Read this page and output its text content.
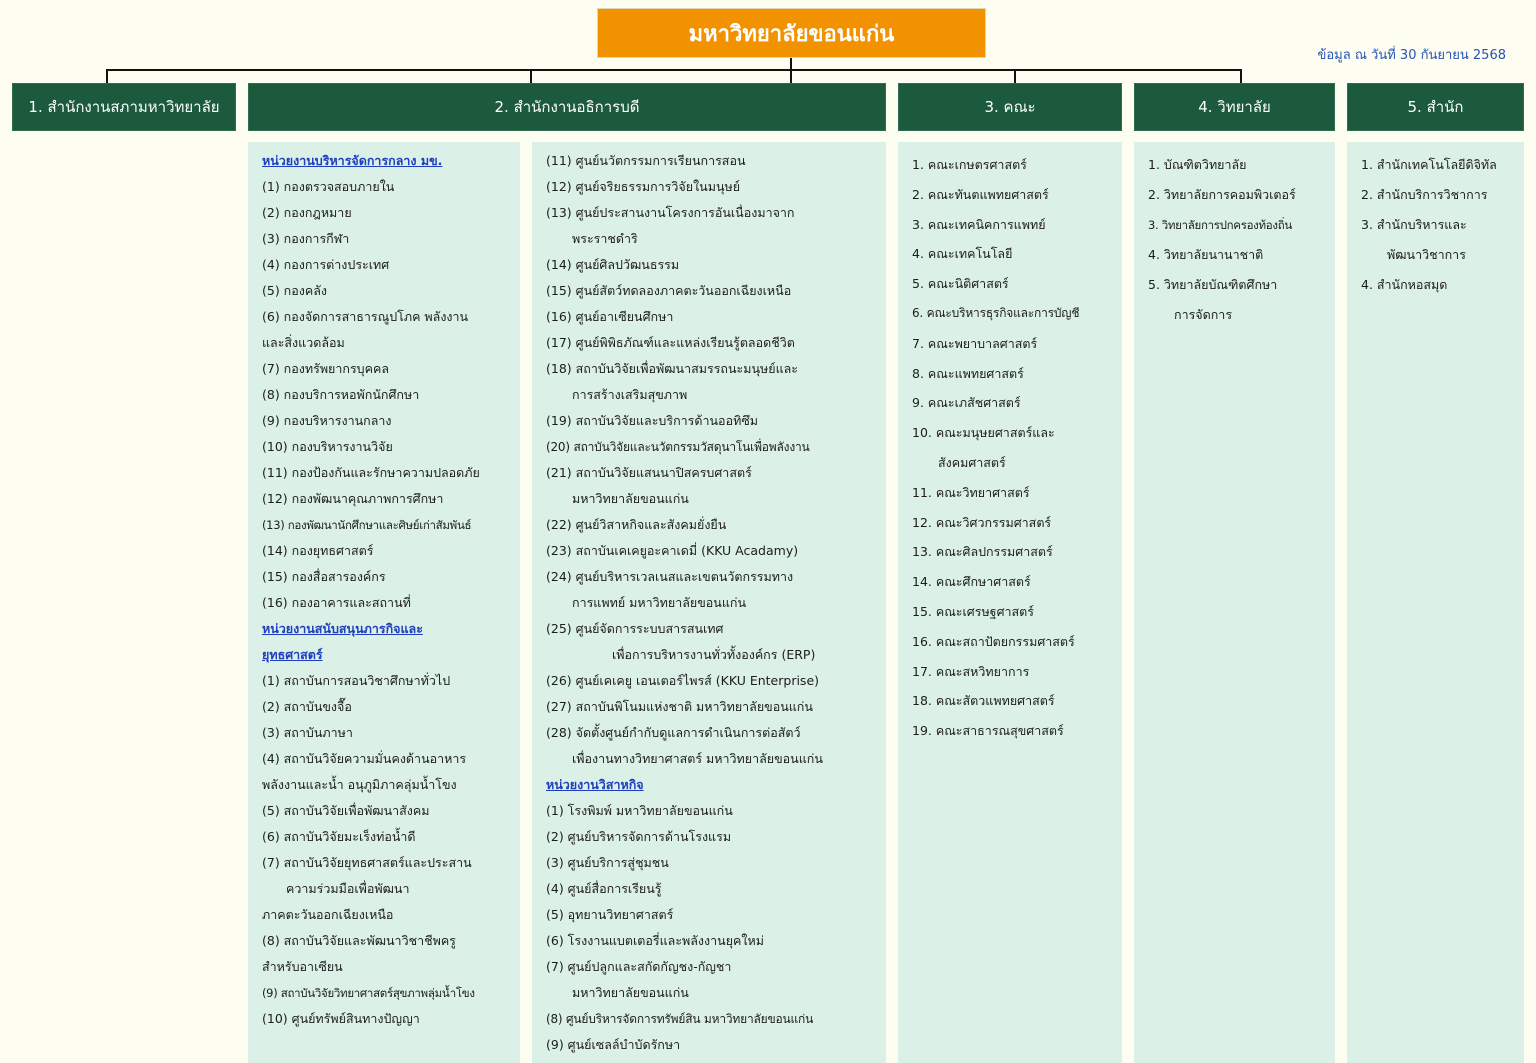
มหาวิทยาลัยขอนแก่น
ข้อมูล ณ วันที่ 30 กันยายน 2568
1. สำนักงานสภามหาวิทยาลัย	2. สำนักงานอธิการบดี	3. คณะ	4. วิทยาลัย	5. สำนัก
หน่วยงานบริหารจัดการกลาง มข.
(1) กองตรวจสอบภายใน
(2) กองกฎหมาย
(3) กองการกีฬา
(4) กองการต่างประเทศ
(5) กองคลัง
(6) กองจัดการสาธารณูปโภค พลังงาน
และสิ่งแวดล้อม
(7) กองทรัพยากรบุคคล
(8) กองบริการหอพักนักศึกษา
(9) กองบริหารงานกลาง
(10) กองบริหารงานวิจัย
(11) กองป้องกันและรักษาความปลอดภัย
(12) กองพัฒนาคุณภาพการศึกษา
(13) กองพัฒนานักศึกษาและศิษย์เก่าสัมพันธ์
(14) กองยุทธศาสตร์
(15) กองสื่อสารองค์กร
(16) กองอาคารและสถานที่
หน่วยงานสนับสนุนภารกิจและ
ยุทธศาสตร์
(1) สถาบันการสอนวิชาศึกษาทั่วไป
(2) สถาบันขงจื๊อ
(3) สถาบันภาษา
(4) สถาบันวิจัยความมั่นคงด้านอาหาร
พลังงานและน้ำ อนุภูมิภาคลุ่มน้ำโขง
(5) สถาบันวิจัยเพื่อพัฒนาสังคม
(6) สถาบันวิจัยมะเร็งท่อน้ำดี
(7) สถาบันวิจัยยุทธศาสตร์และประสาน
ความร่วมมือเพื่อพัฒนา
ภาคตะวันออกเฉียงเหนือ
(8) สถาบันวิจัยและพัฒนาวิชาชีพครู
สำหรับอาเซียน
(9) สถาบันวิจัยวิทยาศาสตร์สุขภาพลุ่มน้ำโขง
(10) ศูนย์ทรัพย์สินทางปัญญา
(11) ศูนย์นวัตกรรมการเรียนการสอน
(12) ศูนย์จริยธรรมการวิจัยในมนุษย์
(13) ศูนย์ประสานงานโครงการอันเนื่องมาจาก
พระราชดำริ
(14) ศูนย์ศิลปวัฒนธรรม
(15) ศูนย์สัตว์ทดลองภาคตะวันออกเฉียงเหนือ
(16) ศูนย์อาเซียนศึกษา
(17) ศูนย์พิพิธภัณฑ์และแหล่งเรียนรู้ตลอดชีวิต
(18) สถาบันวิจัยเพื่อพัฒนาสมรรถนะมนุษย์และ
การสร้างเสริมสุขภาพ
(19) สถาบันวิจัยและบริการด้านออทิซึม
(20) สถาบันวิจัยและนวัตกรรมวัสดุนาโนเพื่อพลังงาน
(21) สถาบันวิจัยแสนนาปิสครบศาสตร์
มหาวิทยาลัยขอนแก่น
(22) ศูนย์วิสาหกิจและสังคมยั่งยืน
(23) สถาบันเคเคยูอะคาเดมี่ (KKU Acadamy)
(24) ศูนย์บริหารเวลเนสและเขตนวัตกรรมทาง
การแพทย์ มหาวิทยาลัยขอนแก่น
(25) ศูนย์จัดการระบบสารสนเทศ
เพื่อการบริหารงานทั่วทั้งองค์กร (ERP)
(26) ศูนย์เคเคยู เอนเตอร์ไพรส์ (KKU Enterprise)
(27) สถาบันพิโนมแห่งชาติ มหาวิทยาลัยขอนแก่น
(28) จัดตั้งศูนย์กำกับดูแลการดำเนินการต่อสัตว์
เพื่องานทางวิทยาศาสตร์ มหาวิทยาลัยขอนแก่น
หน่วยงานวิสาหกิจ
(1) โรงพิมพ์ มหาวิทยาลัยขอนแก่น
(2) ศูนย์บริหารจัดการด้านโรงแรม
(3) ศูนย์บริการสู่ชุมชน
(4) ศูนย์สื่อการเรียนรู้
(5) อุทยานวิทยาศาสตร์
(6) โรงงานแบตเตอรี่และพลังงานยุคใหม่
(7) ศูนย์ปลูกและสกัดกัญชง-กัญชา
มหาวิทยาลัยขอนแก่น
(8) ศูนย์บริหารจัดการทรัพย์สิน มหาวิทยาลัยขอนแก่น
(9) ศูนย์เซลล์บำบัดรักษา
1. คณะเกษตรศาสตร์
2. คณะทันตแพทยศาสตร์
3. คณะเทคนิคการแพทย์
4. คณะเทคโนโลยี
5. คณะนิติศาสตร์
6. คณะบริหารธุรกิจและการบัญชี
7. คณะพยาบาลศาสตร์
8. คณะแพทยศาสตร์
9. คณะเภสัชศาสตร์
10. คณะมนุษยศาสตร์และ
สังคมศาสตร์
11. คณะวิทยาศาสตร์
12. คณะวิศวกรรมศาสตร์
13. คณะศิลปกรรมศาสตร์
14. คณะศึกษาศาสตร์
15. คณะเศรษฐศาสตร์
16. คณะสถาปัตยกรรมศาสตร์
17. คณะสหวิทยาการ
18. คณะสัตวแพทยศาสตร์
19. คณะสาธารณสุขศาสตร์
1. บัณฑิตวิทยาลัย
2. วิทยาลัยการคอมพิวเตอร์
3. วิทยาลัยการปกครองท้องถิ่น
4. วิทยาลัยนานาชาติ
5. วิทยาลัยบัณฑิตศึกษา
การจัดการ
1. สำนักเทคโนโลยีดิจิทัล
2. สำนักบริการวิชาการ
3. สำนักบริหารและ
พัฒนาวิชาการ
4. สำนักหอสมุด
